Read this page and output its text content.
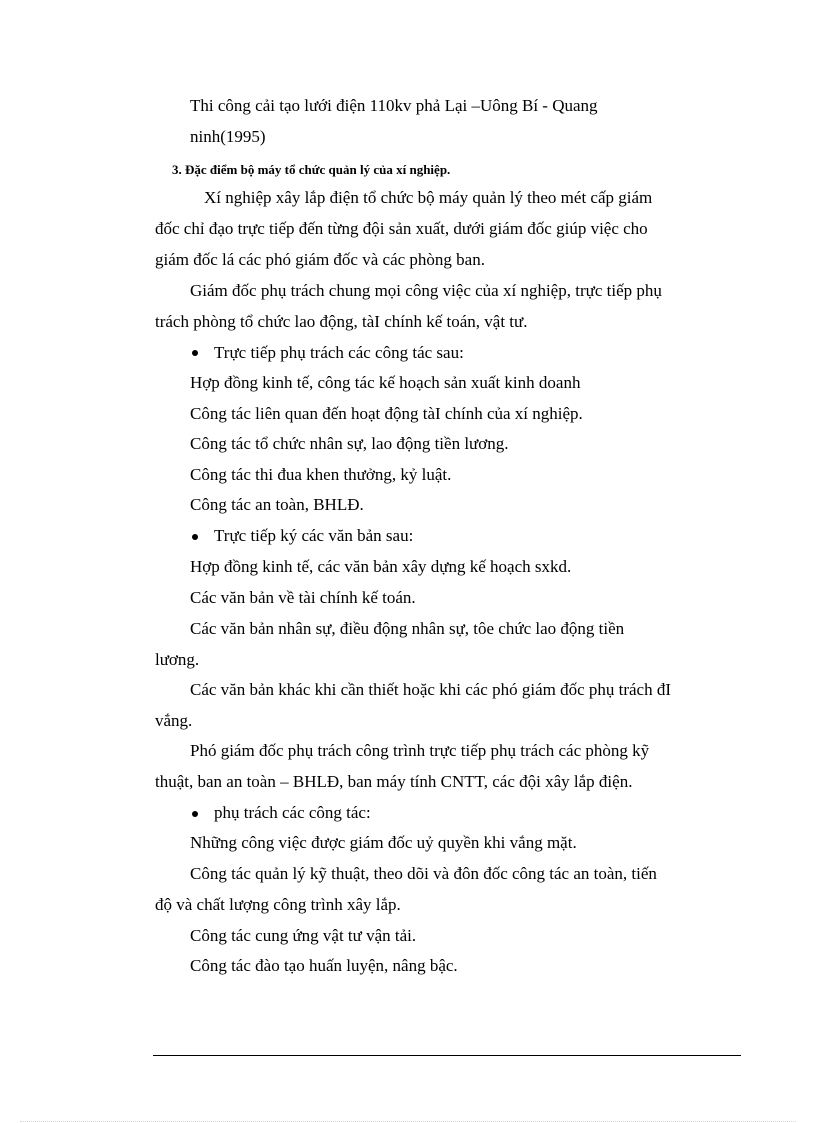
Thi công cải tạo lưới điện 110kv phả Lại –Uông Bí - Quang
ninh(1995)
3. Đặc điểm bộ máy tổ chức quản lý của xí nghiệp.
Xí nghiệp xây lắp điện tổ chức bộ máy quản lý theo mét cấp giám
đốc chỉ đạo trực tiếp đến từng đội sản xuất, dưới giám đốc giúp việc cho
giám đốc lá các phó giám đốc và các phòng ban.
Giám đốc phụ trách chung mọi công việc của xí nghiệp, trực tiếp phụ
trách phòng tổ chức lao động, tàI chính kế toán, vật tư.
Trực tiếp phụ trách các công tác sau:
Hợp đồng kinh tế, công tác kế hoạch sản xuất kinh doanh
Công tác liên quan đến hoạt động tàI chính của xí nghiệp.
Công tác tổ chức nhân sự, lao động tiền lương.
Công tác thi đua khen thưởng, kỷ luật.
Công tác an toàn, BHLĐ.
Trực tiếp ký các văn bản sau:
Hợp đồng kinh tế, các văn bản xây dựng kế hoạch sxkd.
Các văn bản về tài chính kế toán.
Các văn bản nhân sự, điều động nhân sự, tôe chức lao động tiền
lương.
Các văn bản khác khi cần thiết hoặc khi các phó giám đốc phụ trách đI
vắng.
Phó giám đốc phụ trách công trình trực tiếp phụ trách các phòng kỹ
thuật, ban an toàn – BHLĐ, ban máy tính CNTT, các đội xây lắp điện.
phụ trách các công tác:
Những công việc được giám đốc uỷ quyền khi vắng mặt.
Công tác quản lý kỹ thuật, theo dõi và đôn đốc công tác an toàn, tiến
độ và chất lượng công trình xây lắp.
Công tác cung ứng vật tư vận tải.
Công tác đào tạo huấn luyện, nâng bậc.
